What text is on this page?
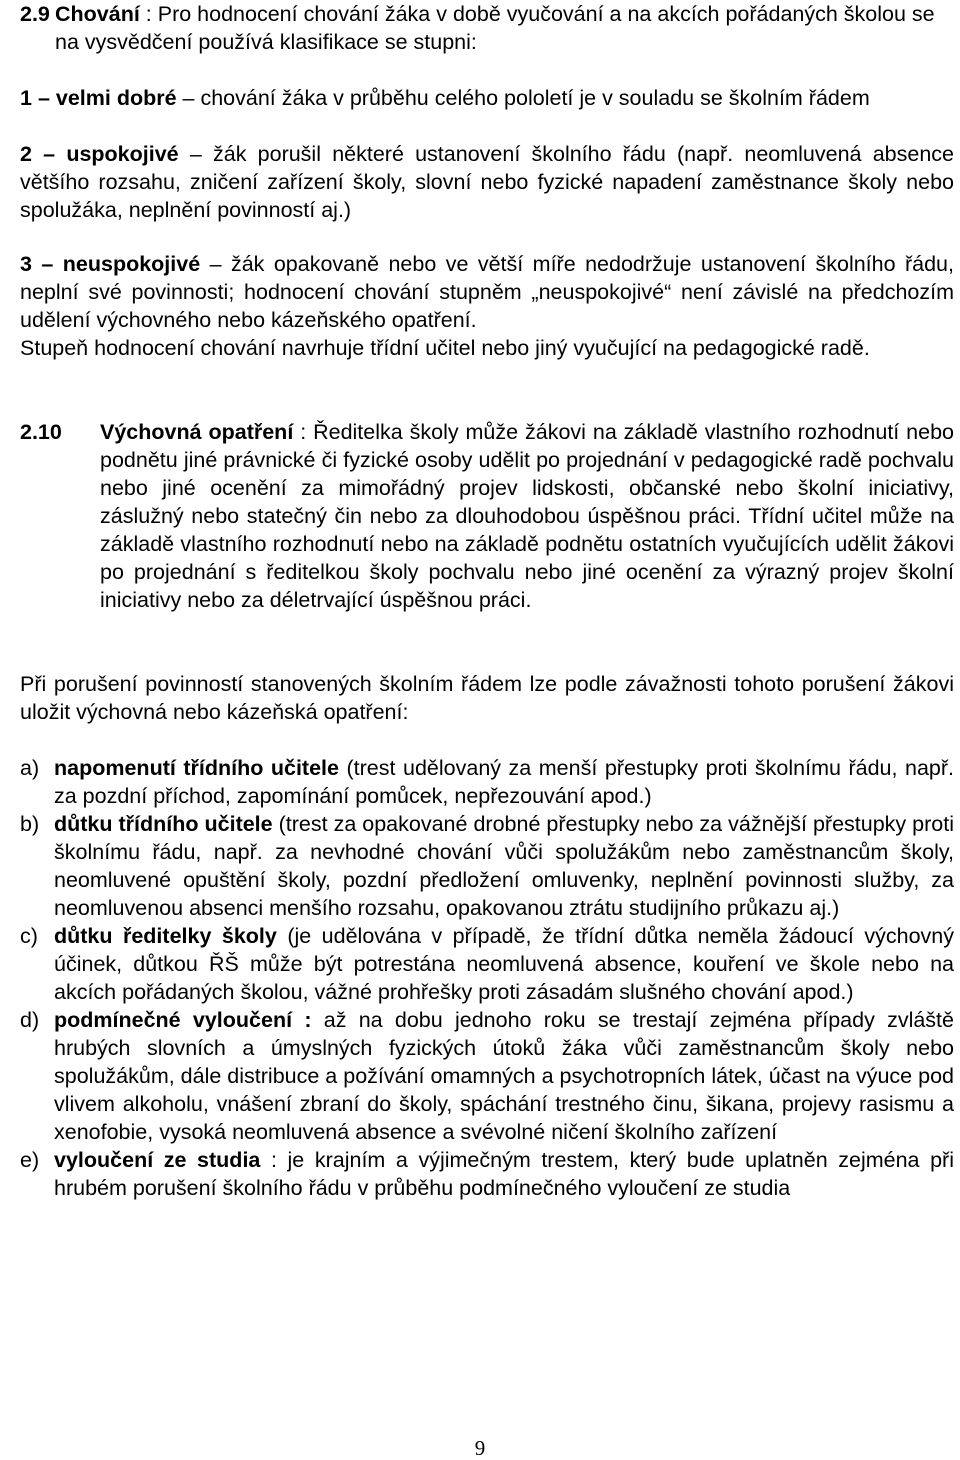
2.9 Chování : Pro hodnocení chování žáka v době vyučování a na akcích pořádaných školou se na vysvědčení používá klasifikace se stupni:
1 – velmi dobré – chování žáka v průběhu celého pololetí je v souladu se školním řádem
2 – uspokojivé – žák porušil některé ustanovení školního řádu (např. neomluvená absence většího rozsahu, zničení zařízení školy, slovní nebo fyzické napadení zaměstnance školy nebo spolužáka, neplnění povinností aj.)
3 – neuspokojivé – žák opakovaně nebo ve větší míře nedodržuje ustanovení školního řádu, neplní své povinnosti; hodnocení chování stupněm „neuspokojivé“ není závislé na předchozím udělení výchovného nebo kázeňského opatření.
Stupeň hodnocení chování navrhuje třídní učitel nebo jiný vyučující na pedagogické radě.
2.10	Výchovná opatření : Ředitelka školy může žákovi na základě vlastního rozhodnutí nebo podnětu jiné právnické či fyzické osoby udělit po projednání v pedagogické radě pochvalu nebo jiné ocenění za mimořádný projev lidskosti, občanské nebo školní iniciativy, záslužný nebo statečný čin nebo za dlouhodobou úspěšnou práci. Třídní učitel může na základě vlastního rozhodnutí nebo na základě podnětu ostatních vyučujících udělit žákovi po projednání s ředitelkou školy pochvalu nebo jiné ocenění za výrazný projev školní iniciativy nebo za déletrvající úspěšnou práci.
Při porušení povinností stanovených školním řádem lze podle závažnosti tohoto porušení žákovi uložit výchovná nebo kázeňská opatření:
a) napomenutí třídního učitele (trest udělovaný za menší přestupky proti školnímu řádu, např. za pozdní příchod, zapomínání pomůcek, nepřezouvání apod.)
b) důtku třídního učitele (trest za opakované drobné přestupky nebo za vážnější přestupky proti školnímu řádu, např. za nevhodné chování vůči spolužákům nebo zaměstnancům školy, neomluvené opuštění školy, pozdní předložení omluvenky, neplnění povinnosti služby, za neomluvenou absenci menšího rozsahu, opakovanou ztrátu studijního průkazu aj.)
c) důtku ředitelky školy (je udělována v případě, že třídní důtka neměla žádoucí výchovný účinek, důtkou ŘŠ může být potrestána neomluvená absence, kouření ve škole nebo na akcích pořádaných školou, vážné prohřešky proti zásadám slušného chování apod.)
d) podmínečné vyloučení : až na dobu jednoho roku se trestají zejména případy zvláště hrubých slovních a úmyslných fyzických útoků žáka vůči zaměstnancům školy nebo spolužákům, dále distribuce a požívání omamných a psychotropních látek, účast na výuce pod vlivem alkoholu, vnášení zbraní do školy, spáchání trestného činu, šikana, projevy rasismu a xenofobie, vysoká neomluvená absence a svévolné ničení školního zařízení
e) vyloučení ze studia : je krajním a výjimečným trestem, který bude uplatněn zejména při hrubém porušení školního řádu v průběhu podmínečného vyloučení ze studia
9
